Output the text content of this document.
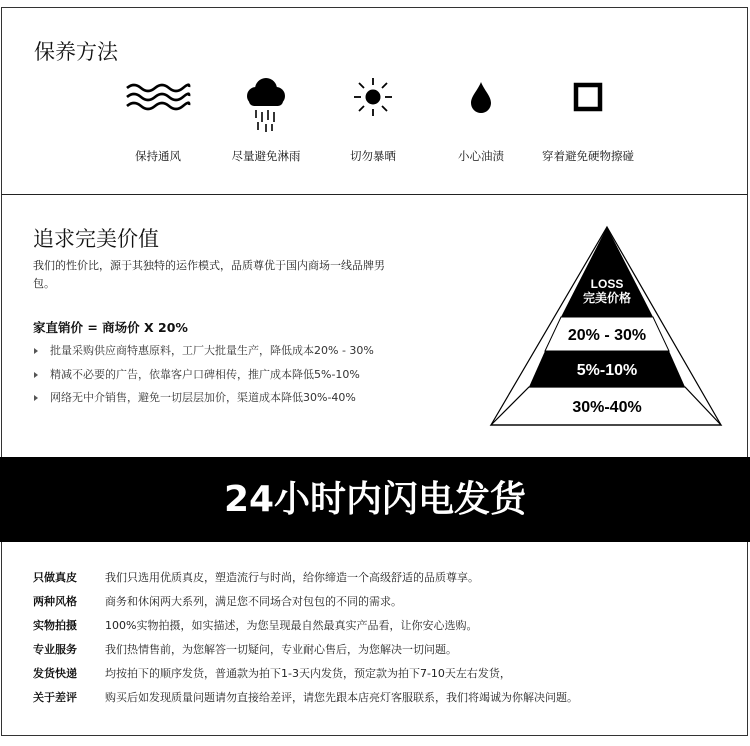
保养方法
保持通风	尽量避免淋雨	切勿暴晒	小心油渍	穿着避免硬物擦碰
追求完美价值
我们的性价比，源于其独特的运作模式，品质尊优于国内商场一线品牌男包。
家直销价 = 商场价 X 20%
批量采购供应商特惠原料，工厂大批量生产，降低成本20% - 30%
精减不必要的广告，依靠客户口碑相传，推广成本降低5%-10%
网络无中介销售，避免一切层层加价，渠道成本降低30%-40%
LOSS
完美价格
20% - 30%
5%-10%
30%-40%
24小时内闪电发货
只做真皮	我们只选用优质真皮，塑造流行与时尚，给你缔造一个高级舒适的品质尊享。
两种风格	商务和休闲两大系列，满足您不同场合对包包的不同的需求。
实物拍摄	100%实物拍摄，如实描述，为您呈现最自然最真实产品看，让你安心选购。
专业服务	我们热情售前，为您解答一切疑问，专业耐心售后，为您解决一切问题。
发货快递	均按拍下的顺序发货，普通款为拍下1-3天内发货，预定款为拍下7-10天左右发货，
关于差评	购买后如发现质量问题请勿直接给差评，请您先跟本店亮灯客服联系，我们将竭诚为你解决问题。
